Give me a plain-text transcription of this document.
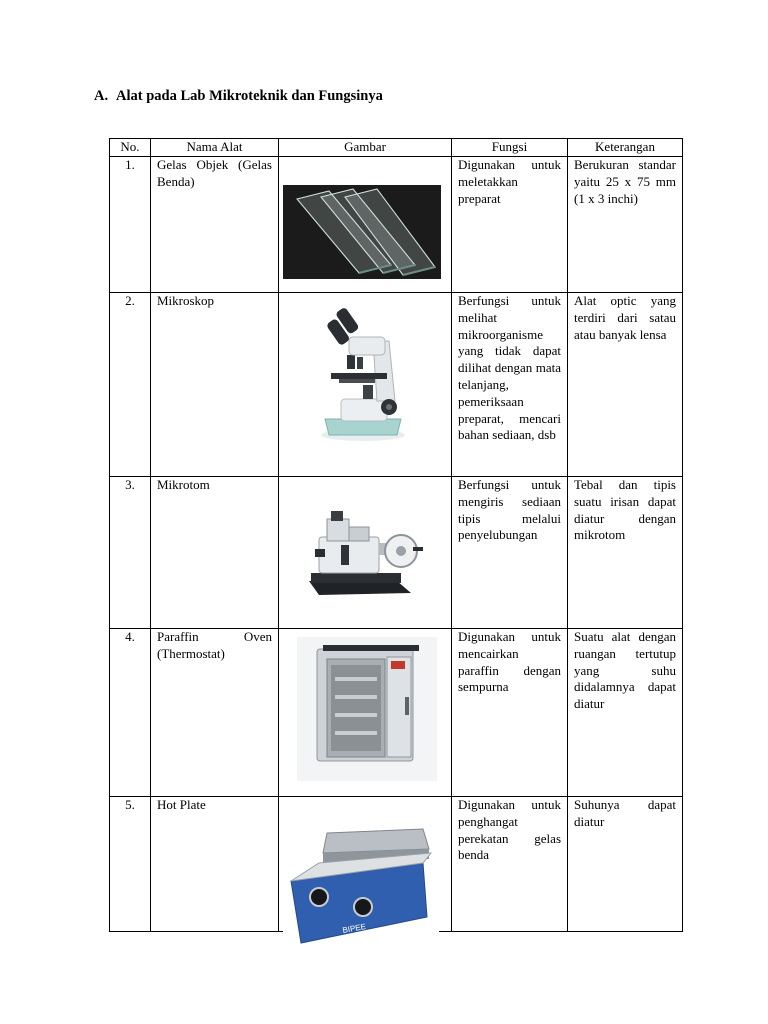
A. Alat pada Lab Mikroteknik dan Fungsinya
No.	Nama Alat	Gambar	Fungsi	Keterangan
1.	Gelas Objek (Gelas Benda)		Digunakan untuk meletakkan preparat	Berukuran standar yaitu 25 x 75 mm (1 x 3 inchi)
2.	Mikroskop		Berfungsi untuk melihat mikroorganisme yang tidak dapat dilihat dengan mata telanjang, pemeriksaan preparat, mencari bahan sediaan, dsb	Alat optic yang terdiri dari satau atau banyak lensa
3.	Mikrotom		Berfungsi untuk mengiris sediaan tipis melalui penyelubungan	Tebal dan tipis suatu irisan dapat diatur dengan mikrotom
4.	Paraffin Oven (Thermostat)		Digunakan untuk mencairkan paraffin dengan sempurna	Suatu alat dengan ruangan tertutup yang suhu didalamnya dapat diatur
5.	Hot Plate	BIPEE	Digunakan untuk penghangat perekatan gelas benda	Suhunya dapat diatur
